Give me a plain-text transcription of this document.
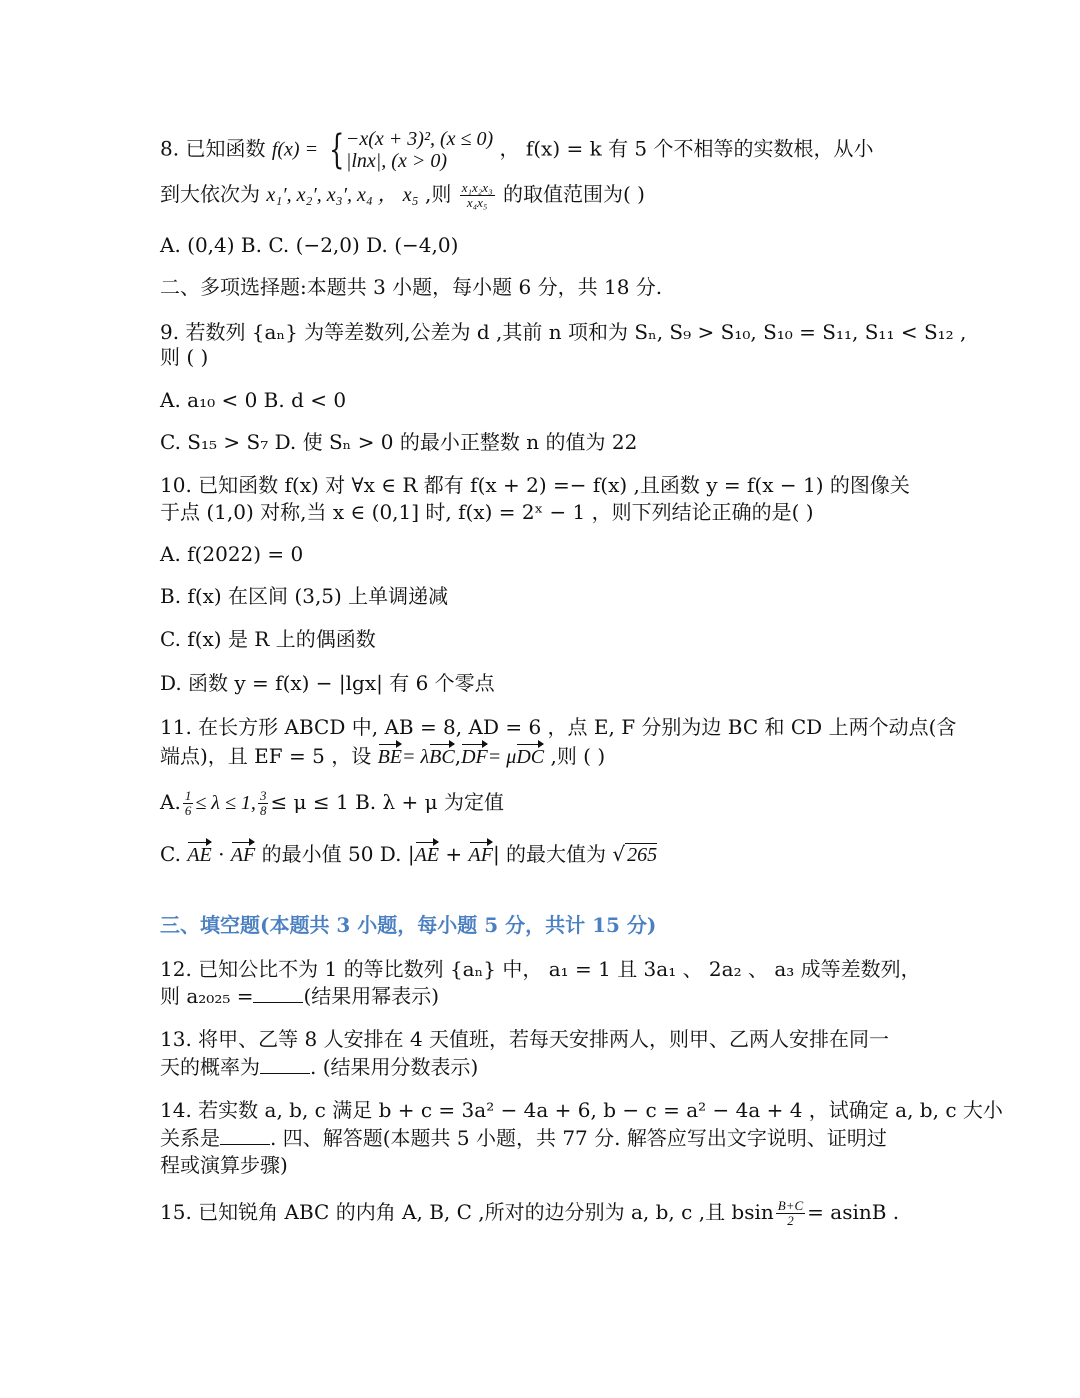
8. 已知函数 f(x) = { −x(x + 3)², (x ≤ 0)
|lnx|, (x > 0)
， f(x) = k 有 5 个不相等的实数根，从小
到大依次为 x₁′, x₂′, x₃′, x₄ ， x₅ ,则 $\frac{\text{x₁x₂x₃}}{\text{x₄x₅}}$ 的取值范围为( )
A. (0,4) B. C. (−2,0) D. (−4,0)
二、多项选择题:本题共 3 小题，每小题 6 分，共 18 分.
9. 若数列 {aₙ} 为等差数列,公差为 d ,其前 n 项和为 Sₙ, S₉ > S₁₀, S₁₀ = S₁₁, S₁₁ < S₁₂ ,
则 ( )
A. a₁₀ < 0 B. d < 0
C. S₁₅ > S₇ D. 使 Sₙ > 0 的最小正整数 n 的值为 22
10. 已知函数 f(x) 对 ∀x ∈ R 都有 f(x + 2) =− f(x) ,且函数 y = f(x − 1) 的图像关
于点 (1,0) 对称,当 x ∈ (0,1] 时, f(x) = 2ˣ − 1 ，则下列结论正确的是( )
A. f(2022) = 0
B. f(x) 在区间 (3,5) 上单调递减
C. f(x) 是 R 上的偶函数
D. 函数 y = f(x) − |lgx| 有 6 个零点
11. 在长方形 ABCD 中, AB = 8, AD = 6 ，点 E, F 分别为边 BC 和 CD 上两个动点(含
端点)，且 EF = 5 ，设 BE= λBC,DF= μDC ,则 ( )
A. $\frac{1}{6} \le \lambda \le 1$, $\frac{3}{8} \le \mu \le 1$ B. λ + μ 为定值
C. AE · AF 的最小值 50 D. |AE + AF| 的最大值为 √ 265
三、填空题(本题共 3 小题，每小题 5 分，共计 15 分)
12. 已知公比不为 1 的等比数列 {aₙ} 中， a₁ = 1 且 3a₁ 、 2a₂ 、 a₃ 成等差数列，
则 a₂₀₂₅ =	(结果用幂表示)
13. 将甲、乙等 8 人安排在 4 天值班，若每天安排两人，则甲、乙两人安排在同一
天的概率为	. (结果用分数表示)
14. 若实数 a, b, c 满足 b + c = 3a² − 4a + 6, b − c = a² − 4a + 4 ，试确定 a, b, c 大小
关系是	. 四、解答题(本题共 5 小题，共 77 分. 解答应写出文字说明、证明过
程或演算步骤)
15. 已知锐角 ABC 的内角 A, B, C ,所对的边分别为 a, b, c ,且 bsin $\frac{B+C}{2} = asinB$ .
